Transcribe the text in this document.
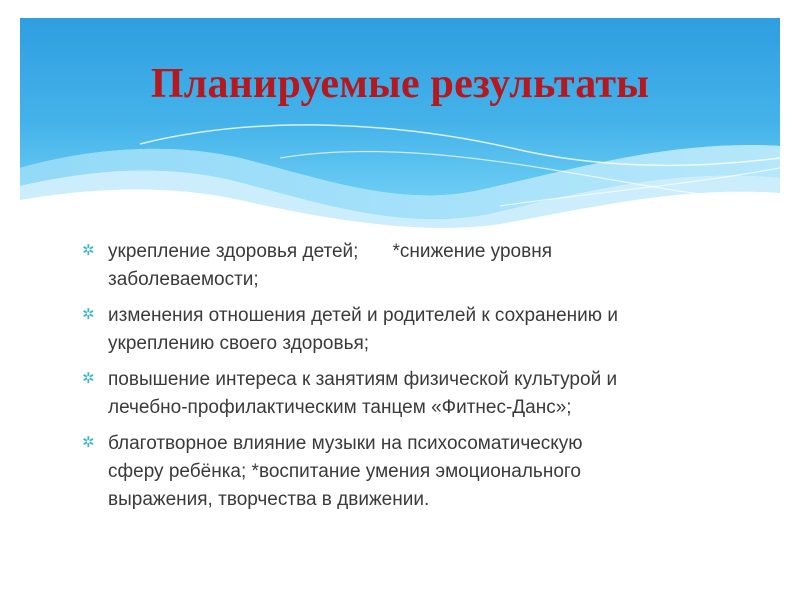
Планируемые результаты
✲ укрепление здоровья детей; *снижение уровня
заболеваемости;
✲ изменения отношения детей и родителей к сохранению и
укреплению своего здоровья;
✲ повышение интереса к занятиям физической культурой и
лечебно-профилактическим танцем «Фитнес-Данс»;
✲ благотворное влияние музыки на психосоматическую
сферу ребёнка; *воспитание умения эмоционального
выражения, творчества в движении.
